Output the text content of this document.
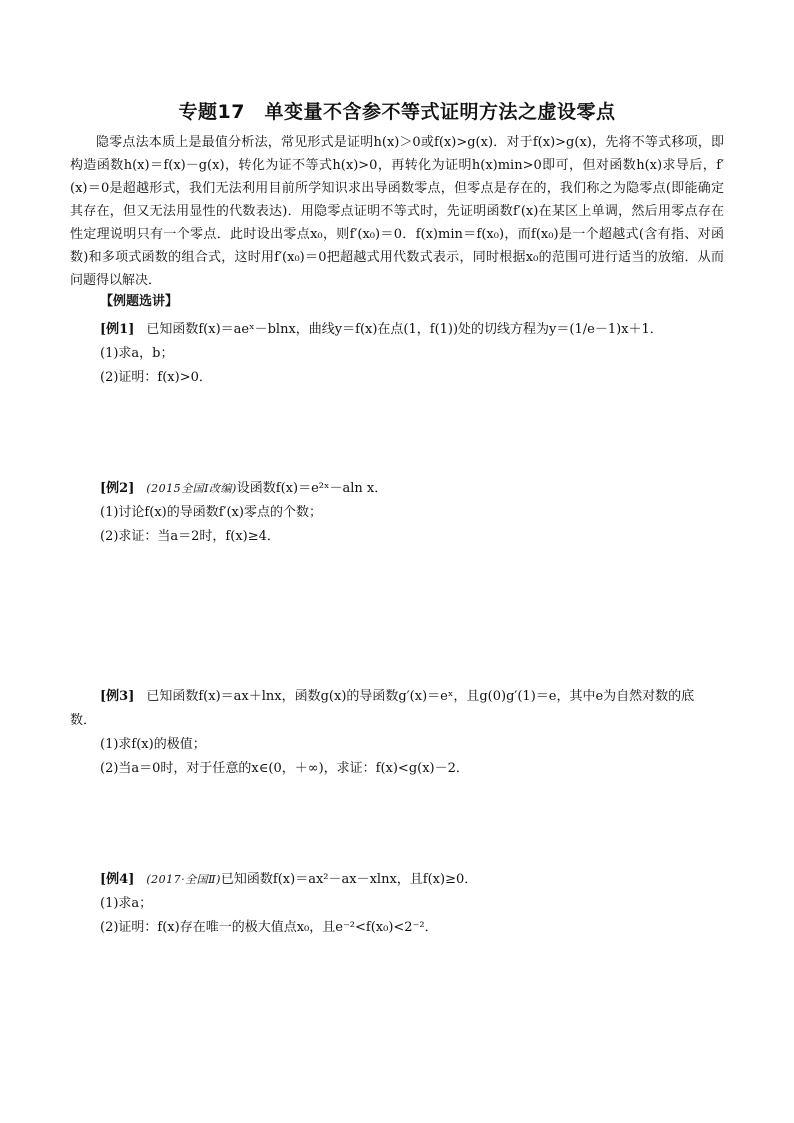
专题17　单变量不含参不等式证明方法之虚设零点

隐零点法本质上是最值分析法，常见形式是证明h(x)＞0或f(x)>g(x)．对于f(x)>g(x)，先将不等式移项，即构造函数h(x)＝f(x)－g(x)，转化为证不等式h(x)>0，再转化为证明h(x)min>0即可，但对函数h(x)求导后，f′(x)＝0是超越形式，我们无法利用目前所学知识求出导函数零点，但零点是存在的，我们称之为隐零点(即能确定其存在，但又无法用显性的代数表达)．用隐零点证明不等式时，先证明函数f′(x)在某区上单调，然后用零点存在性定理说明只有一个零点．此时设出零点x₀，则f′(x₀)＝0．f(x)min＝f(x₀)，而f(x₀)是一个超越式(含有指、对函数)和多项式函数的组合式，这时用f′(x₀)＝0把超越式用代数式表示，同时根据x₀的范围可进行适当的放缩．从而问题得以解决．

【例题选讲】
[例1] 已知函数f(x)＝aeˣ－blnx，曲线y＝f(x)在点(1，f(1))处的切线方程为y＝(1/e－1)x＋1．
(1)求a，b；
(2)证明：f(x)>0．
[例2] (2015全国Ⅰ改编)设函数f(x)＝e²ˣ－aln x．
(1)讨论f(x)的导函数f′(x)零点的个数；
(2)求证：当a＝2时，f(x)≥4．
[例3] 已知函数f(x)＝ax＋lnx，函数g(x)的导函数g′(x)＝eˣ，且g(0)g′(1)＝e，其中e为自然对数的底
数．
(1)求f(x)的极值；
(2)当a＝0时，对于任意的x∈(0，＋∞)，求证：f(x)<g(x)－2．
[例4] (2017·全国Ⅱ)已知函数f(x)＝ax²－ax－xlnx，且f(x)≥0．
(1)求a；
(2)证明：f(x)存在唯一的极大值点x₀，且e⁻²<f(x₀)<2⁻²．
